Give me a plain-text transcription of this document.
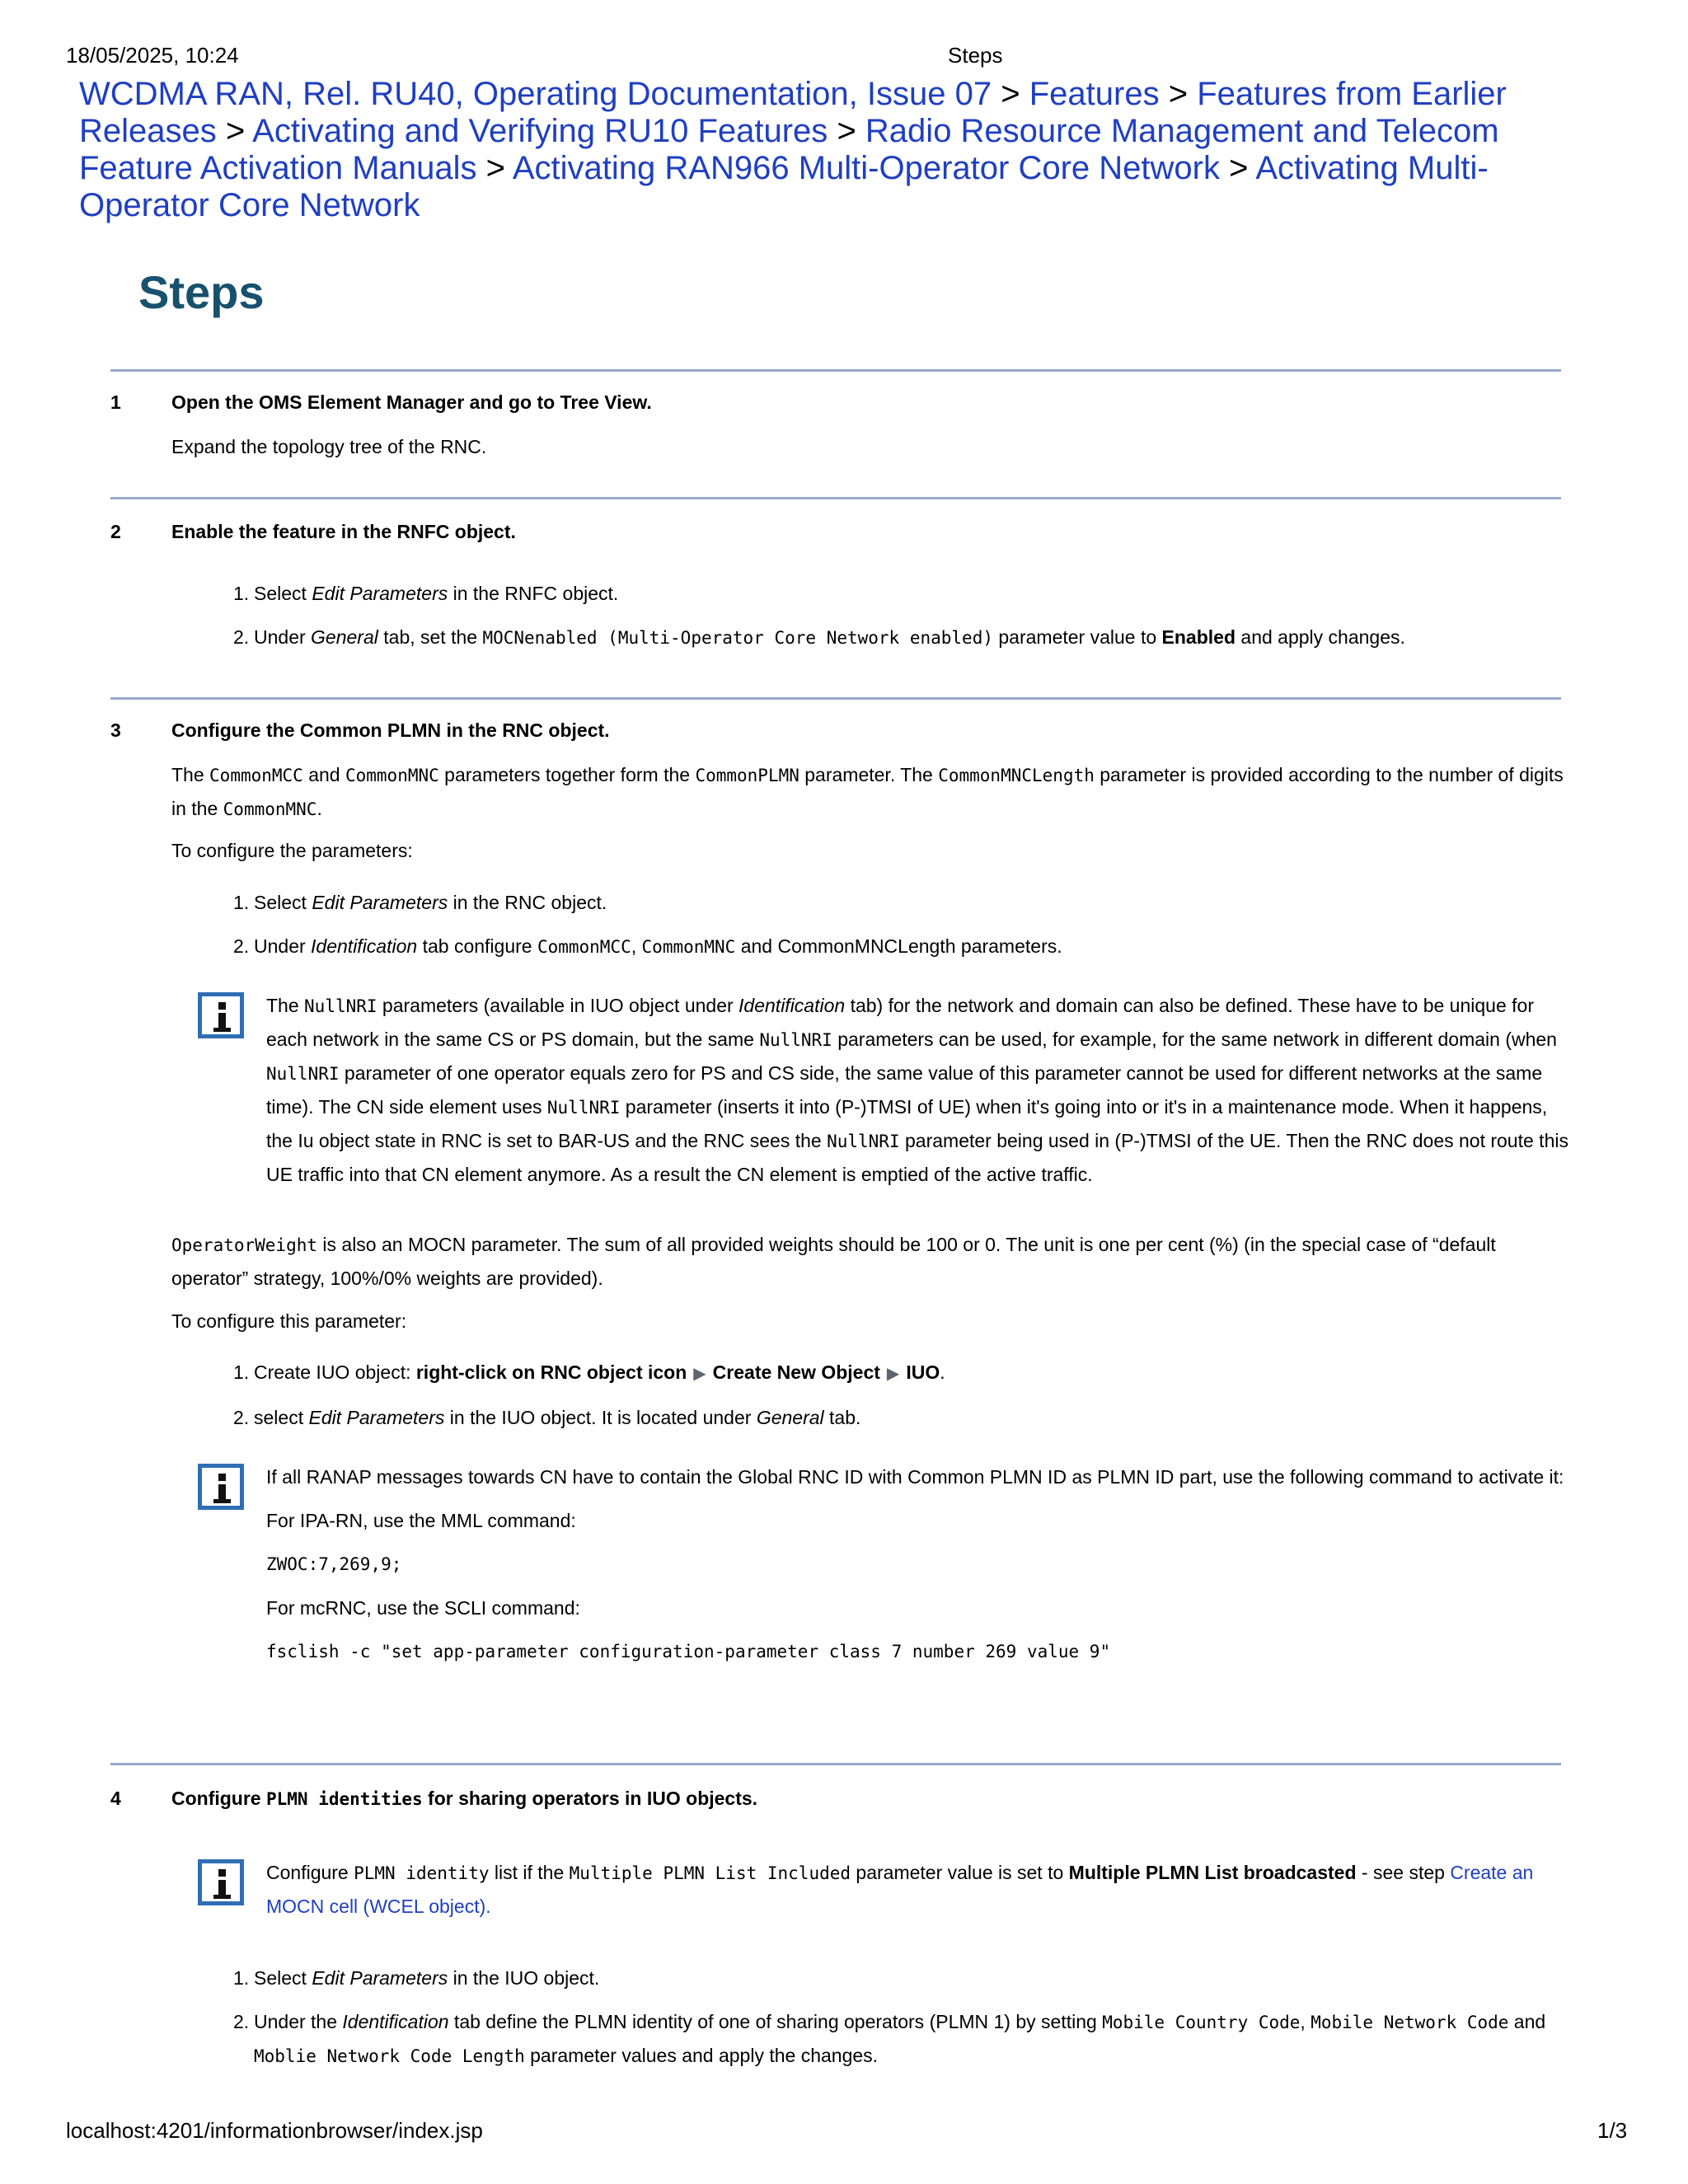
18/05/2025, 10:24	Steps
WCDMA RAN, Rel. RU40, Operating Documentation, Issue 07 > Features > Features from Earlier Releases > Activating and Verifying RU10 Features > Radio Resource Management and Telecom Feature Activation Manuals > Activating RAN966 Multi-Operator Core Network > Activating Multi-Operator Core Network
Steps
1	Open the OMS Element Manager and go to Tree View.
Expand the topology tree of the RNC.
2	Enable the feature in the RNFC object.
1. Select Edit Parameters in the RNFC object.
2. Under General tab, set the MOCNenabled (Multi-Operator Core Network enabled) parameter value to Enabled and apply changes.
3	Configure the Common PLMN in the RNC object.
The CommonMCC and CommonMNC parameters together form the CommonPLMN parameter. The CommonMNCLength parameter is provided according to the number of digits in the CommonMNC.
To configure the parameters:
1. Select Edit Parameters in the RNC object.
2. Under Identification tab configure CommonMCC, CommonMNC and CommonMNCLength parameters.
The NullNRI parameters (available in IUO object under Identification tab) for the network and domain can also be defined. These have to be unique for each network in the same CS or PS domain, but the same NullNRI parameters can be used, for example, for the same network in different domain (when NullNRI parameter of one operator equals zero for PS and CS side, the same value of this parameter cannot be used for different networks at the same time). The CN side element uses NullNRI parameter (inserts it into (P-)TMSI of UE) when it's going into or it's in a maintenance mode. When it happens, the Iu object state in RNC is set to BAR-US and the RNC sees the NullNRI parameter being used in (P-)TMSI of the UE. Then the RNC does not route this UE traffic into that CN element anymore. As a result the CN element is emptied of the active traffic.
OperatorWeight is also an MOCN parameter. The sum of all provided weights should be 100 or 0. The unit is one per cent (%) (in the special case of “default operator” strategy, 100%/0% weights are provided).
To configure this parameter:
1. Create IUO object: right-click on RNC object icon ▶ Create New Object ▶ IUO.
2. select Edit Parameters in the IUO object. It is located under General tab.

If all RANAP messages towards CN have to contain the Global RNC ID with Common PLMN ID as PLMN ID part, use the following command to activate it:

For IPA-RN, use the MML command:

ZWOC:7,269,9;

For mcRNC, use the SCLI command:

fsclish -c "set app-parameter configuration-parameter class 7 number 269 value 9"

4	Configure PLMN identities for sharing operators in IUO objects.
Configure PLMN identity list if the Multiple PLMN List Included parameter value is set to Multiple PLMN List broadcasted - see step Create an MOCN cell (WCEL object).
1. Select Edit Parameters in the IUO object.
2. Under the Identification tab define the PLMN identity of one of sharing operators (PLMN 1) by setting Mobile Country Code, Mobile Network Code and Moblie Network Code Length parameter values and apply the changes.
localhost:4201/informationbrowser/index.jsp	1/3
